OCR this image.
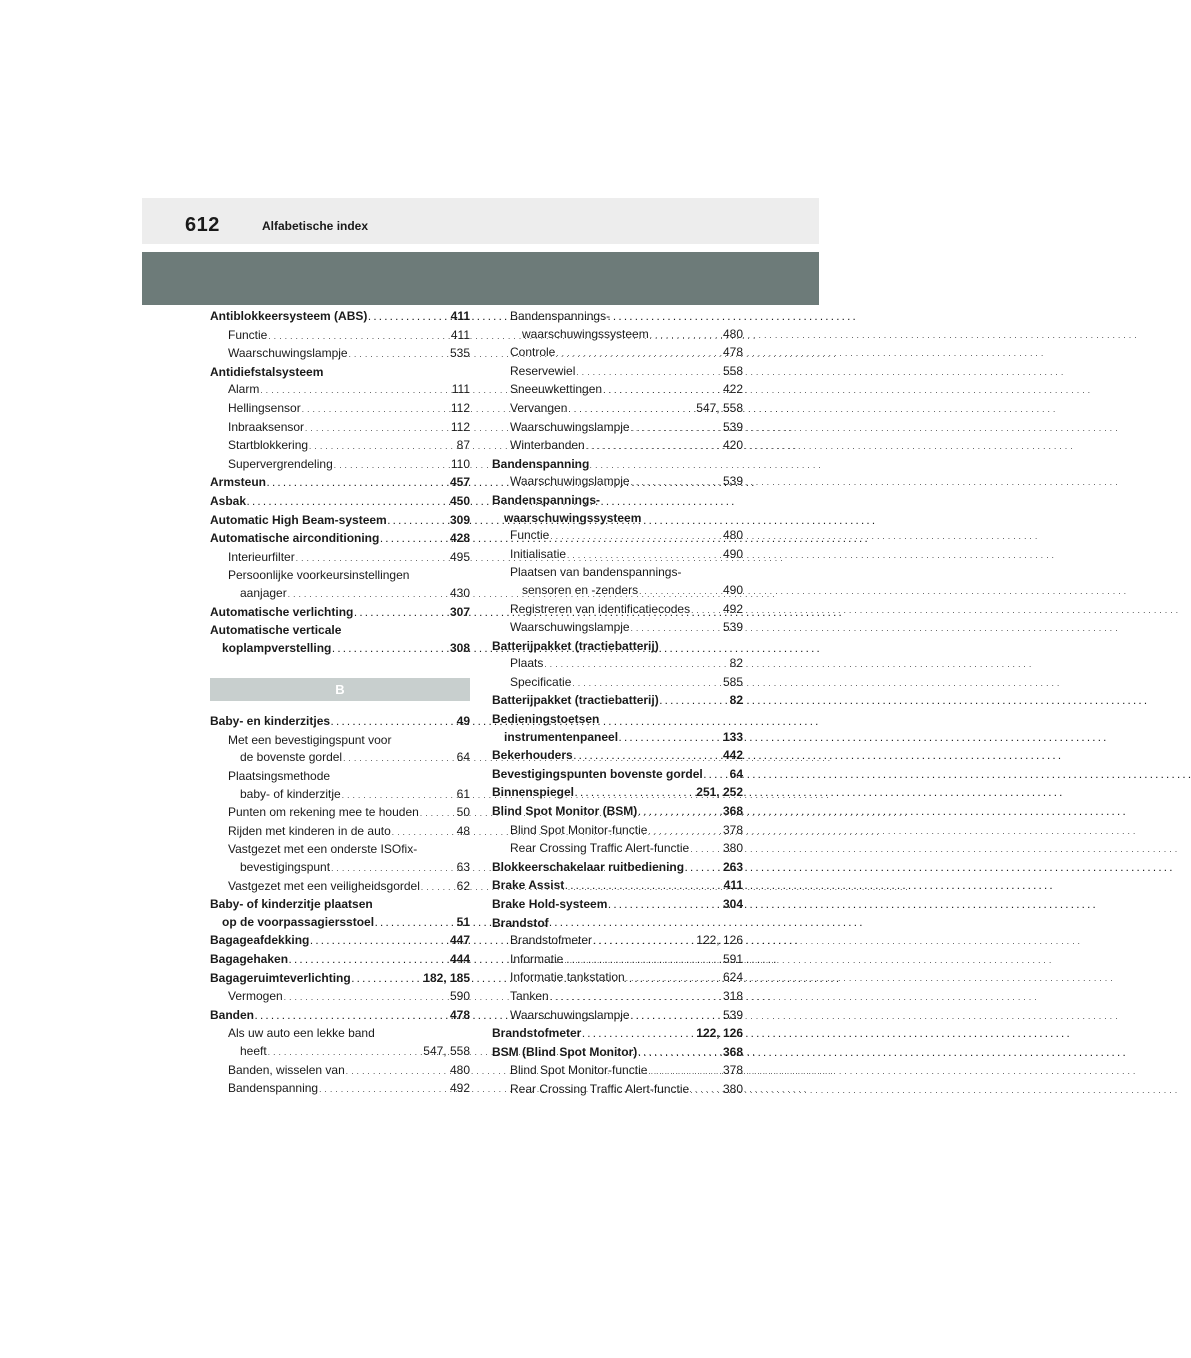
612	Alfabetische index
Antiblokkeersysteem (ABS) . . .	411
Functie . . .	411
Waarschuwingslampje . . .	535
Antidiefstalsysteem
Alarm . . .	111
Hellingsensor . . .	112
Inbraaksensor . . .	112
Startblokkering . . .	87
Supervergrendeling . . .	110
Armsteun . . .	457
Asbak . . .	450
Automatic High Beam-systeem . . .	309
Automatische airconditioning . . .	428
Interieurfilter . . .	495
Persoonlijke voorkeursinstellingen
aanjager . . .	430
Automatische verlichting . . .	307
Automatische verticale
koplampverstelling . . .	308
B
Baby- en kinderzitjes . . .	49
Met een bevestigingspunt voor
de bovenste gordel . . .	64
Plaatsingsmethode
baby- of kinderzitje . . .	61
Punten om rekening mee te houden . . .	50
Rijden met kinderen in de auto . . .	48
Vastgezet met een onderste ISOfix-
bevestigingspunt . . .	63
Vastgezet met een veiligheidsgordel . . .	62
Baby- of kinderzitje plaatsen
op de voorpassagiersstoel . . .	51
Bagageafdekking . . .	447
Bagagehaken . . .	444
Bagageruimteverlichting . . .	182, 185
Vermogen . . .	590
Banden . . .	478
Als uw auto een lekke band
heeft . . .	547, 558
Banden, wisselen van . . .	480
Bandenspanning . . .	492
Bandenspannings-
waarschuwingssysteem . . .	480
Controle . . .	478
Reservewiel . . .	558
Sneeuwkettingen . . .	422
Vervangen . . .	547, 558
Waarschuwingslampje . . .	539
Winterbanden . . .	420
Bandenspanning
Waarschuwingslampje . . .	539
Bandenspannings-
waarschuwingssysteem
Functie . . .	480
Initialisatie . . .	490
Plaatsen van bandenspannings-
sensoren en -zenders . . .	490
Registreren van identificatiecodes . . .	492
Waarschuwingslampje . . .	539
Batterijpakket (tractiebatterij)
Plaats . . .	82
Specificatie . . .	585
Batterijpakket (tractiebatterij) . . .	82
Bedieningstoetsen
instrumentenpaneel . . .	133
Bekerhouders . . .	442
Bevestigingspunten bovenste gordel . . . 64
Binnenspiegel . . .	251, 252
Blind Spot Monitor (BSM) . . .	368
Blind Spot Monitor-functie . . .	378
Rear Crossing Traffic Alert-functie . . .	380
Blokkeerschakelaar ruitbediening . . .	263
Brake Assist . . .	411
Brake Hold-systeem . . .	304
Brandstof
Brandstofmeter . . .	122, 126
Informatie . . .	591
Informatie tankstation . . .	624
Tanken . . .	318
Waarschuwingslampje . . .	539
Brandstofmeter . . .	122, 126
BSM (Blind Spot Monitor) . . .	368
Blind Spot Monitor-functie . . .	378
Rear Crossing Traffic Alert-functie . . .	380
